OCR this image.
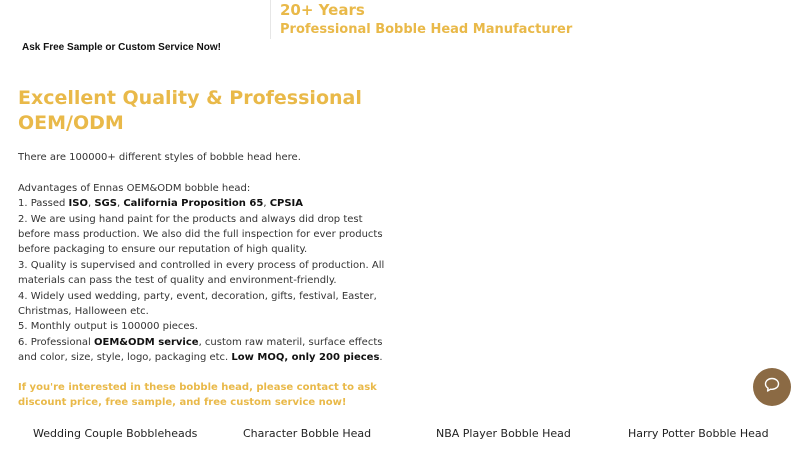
20+ Years
Professional Bobble Head Manufacturer
Ask Free Sample or Custom Service Now!
Excellent Quality & Professional OEM/ODM

There are 100000+ different styles of bobble head here.

Advantages of Ennas OEM&ODM bobble head:

1. Passed ISO, SGS, California Proposition 65, CPSIA

2. We are using hand paint for the products and always did drop test before mass production. We also did the full inspection for ever products before packaging to ensure our reputation of high quality.

3. Quality is supervised and controlled in every process of production. All materials can pass the test of quality and environment-friendly.

4. Widely used wedding, party, event, decoration, gifts, festival, Easter, Christmas, Halloween etc.

5. Monthly output is 100000 pieces.

6. Professional OEM&ODM service, custom raw materil, surface effects and color, size, style, logo, packaging etc. Low MOQ, only 200 pieces.

If you're interested in these bobble head, please contact to ask discount price, free sample, and free custom service now!
Wedding Couple Bobbleheads	Character Bobble Head	NBA Player Bobble Head	Harry Potter Bobble Head
